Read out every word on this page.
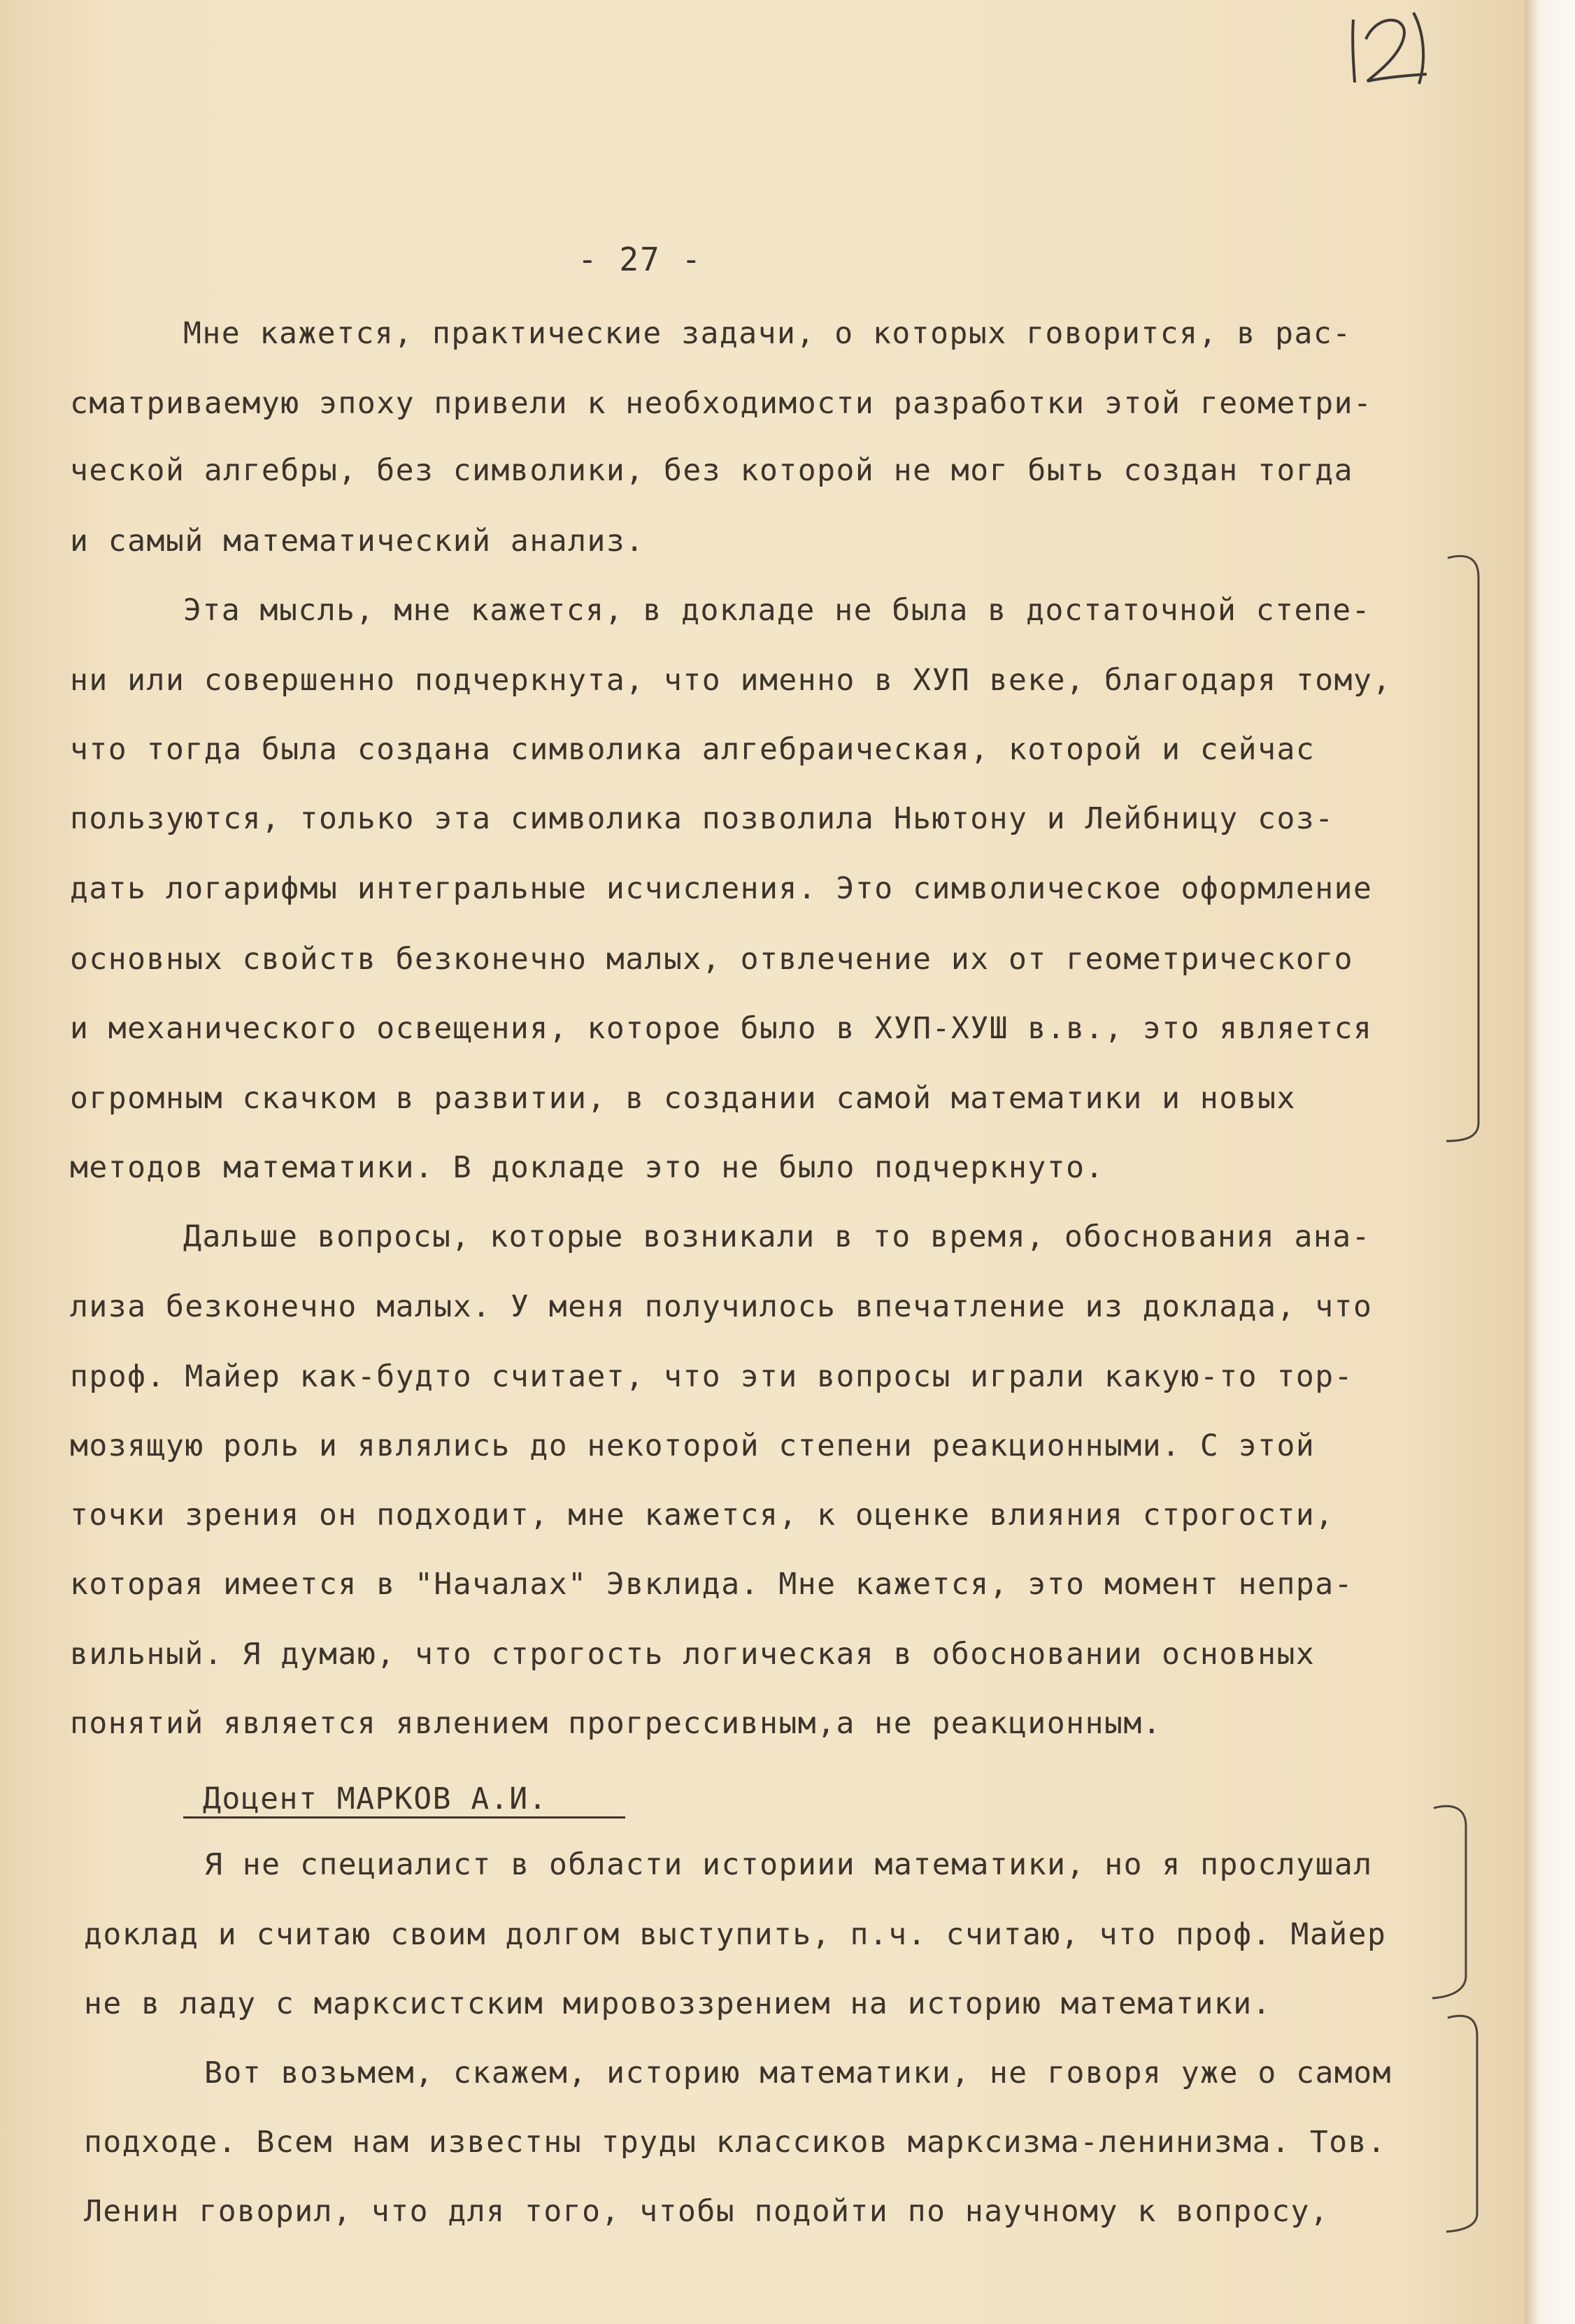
- 27 -
Мне кажется, практические задачи, о которых говорится, в рас-
сматриваемую эпоху привели к необходимости разработки этой геометри-
ческой алгебры, без символики, без которой не мог быть создан тогда
и самый математический анализ.
Эта мысль, мне кажется, в докладе не была в достаточной степе-
ни или совершенно подчеркнута, что именно в ХУП веке, благодаря тому,
что тогда была создана символика алгебраическая, которой и сейчас
пользуются, только эта символика позволила Ньютону и Лейбницу соз-
дать логарифмы интегральные исчисления. Это символическое оформление
основных свойств безконечно малых, отвлечение их от геометрического
и механического освещения, которое было в ХУП-ХУШ в.в., это является
огромным скачком в развитии, в создании самой математики и новых
методов математики. В докладе это не было подчеркнуто.
Дальше вопросы, которые возникали в то время, обоснования ана-
лиза безконечно малых. У меня получилось впечатление из доклада, что
проф. Майер как-будто считает, что эти вопросы играли какую-то тор-
мозящую роль и являлись до некоторой степени реакционными. С этой
точки зрения он подходит, мне кажется, к оценке влияния строгости,
которая имеется в "Началах" Эвклида. Мне кажется, это момент непра-
вильный. Я думаю, что строгость логическая в обосновании основных
понятий является явлением прогрессивным,а не реакционным.
Доцент МАРКОВ А.И.
Я не специалист в области историии математики, но я прослушал
доклад и считаю своим долгом выступить, п.ч. считаю, что проф. Майер
не в ладу с марксистским мировоззрением на историю математики.
Вот возьмем, скажем, историю математики, не говоря уже о самом
подходе. Всем нам известны труды классиков марксизма-ленинизма. Тов.
Ленин говорил, что для того, чтобы подойти по научному к вопросу,
